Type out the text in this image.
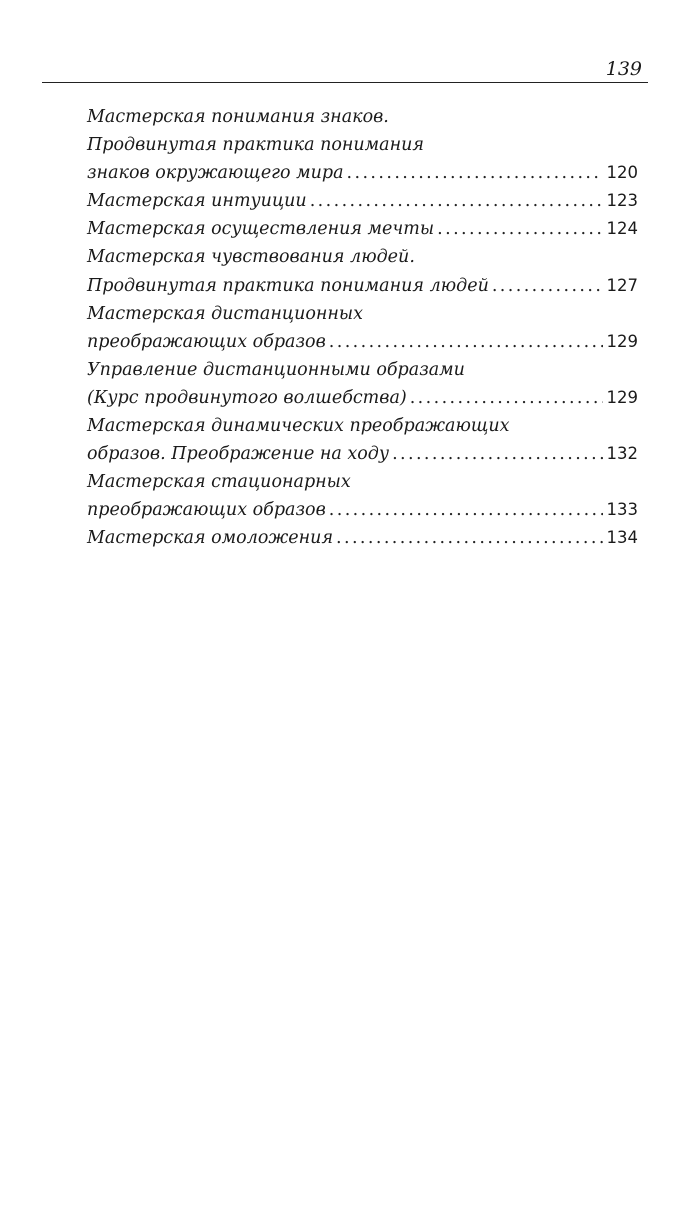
139
Мастерская понимания знаков.
Продвинутая практика понимания
знаков окружающего мира .....	120
Мастерская интуиции .....	123
Мастерская осуществления мечты .....	124
Мастерская чувствования людей.
Продвинутая практика понимания людей .....	127
Мастерская дистанционных
преображающих образов .....	129
Управление дистанционными образами
(Курс продвинутого волшебства) .....	129
Мастерская динамических преображающих
образов. Преображение на ходу .....	132
Мастерская стационарных
преображающих образов .....	133
Мастерская омоложения .....	134
